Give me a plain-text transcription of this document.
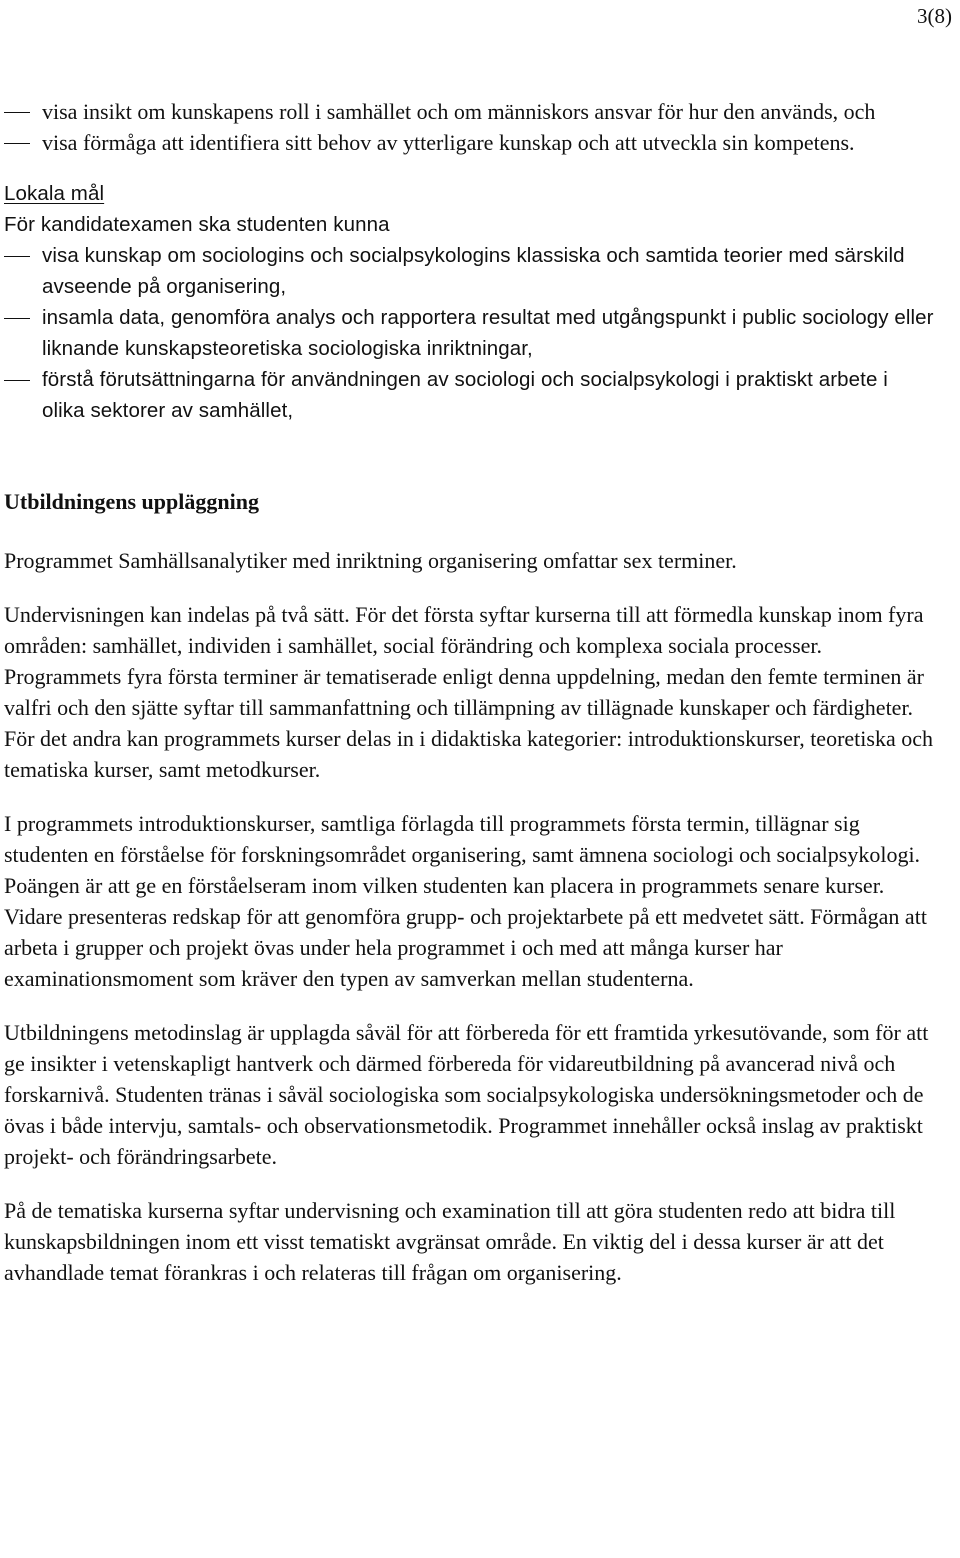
3(8)
visa insikt om kunskapens roll i samhället och om människors ansvar för hur den används, och
visa förmåga att identifiera sitt behov av ytterligare kunskap och att utveckla sin kompetens.
Lokala mål
För kandidatexamen ska studenten kunna
visa kunskap om sociologins och socialpsykologins klassiska och samtida teorier med särskild avseende på organisering,
insamla data, genomföra analys och rapportera resultat med utgångspunkt i public sociology eller liknande kunskapsteoretiska sociologiska inriktningar,
förstå förutsättningarna för användningen av sociologi och socialpsykologi i praktiskt arbete i olika sektorer av samhället,
Utbildningens uppläggning

Programmet Samhällsanalytiker med inriktning organisering omfattar sex terminer.

Undervisningen kan indelas på två sätt. För det första syftar kurserna till att förmedla kunskap inom fyra områden: samhället, individen i samhället, social förändring och komplexa sociala processer. Programmets fyra första terminer är tematiserade enligt denna uppdelning, medan den femte terminen är valfri och den sjätte syftar till sammanfattning och tillämpning av tillägnade kunskaper och färdigheter. För det andra kan programmets kurser delas in i didaktiska kategorier: introduktionskurser, teoretiska och tematiska kurser, samt metodkurser.

I programmets introduktionskurser, samtliga förlagda till programmets första termin, tillägnar sig studenten en förståelse för forskningsområdet organisering, samt ämnena sociologi och socialpsykologi. Poängen är att ge en förståelseram inom vilken studenten kan placera in programmets senare kurser. Vidare presenteras redskap för att genomföra grupp- och projektarbete på ett medvetet sätt. Förmågan att arbeta i grupper och projekt övas under hela programmet i och med att många kurser har examinationsmoment som kräver den typen av samverkan mellan studenterna.

Utbildningens metodinslag är upplagda såväl för att förbereda för ett framtida yrkesutövande, som för att ge insikter i vetenskapligt hantverk och därmed förbereda för vidareutbildning på avancerad nivå och forskarnivå. Studenten tränas i såväl sociologiska som socialpsykologiska undersökningsmetoder och de övas i både intervju, samtals- och observationsmetodik. Programmet innehåller också inslag av praktiskt projekt- och förändringsarbete.

På de tematiska kurserna syftar undervisning och examination till att göra studenten redo att bidra till kunskapsbildningen inom ett visst tematiskt avgränsat område. En viktig del i dessa kurser är att det avhandlade temat förankras i och relateras till frågan om organisering.
